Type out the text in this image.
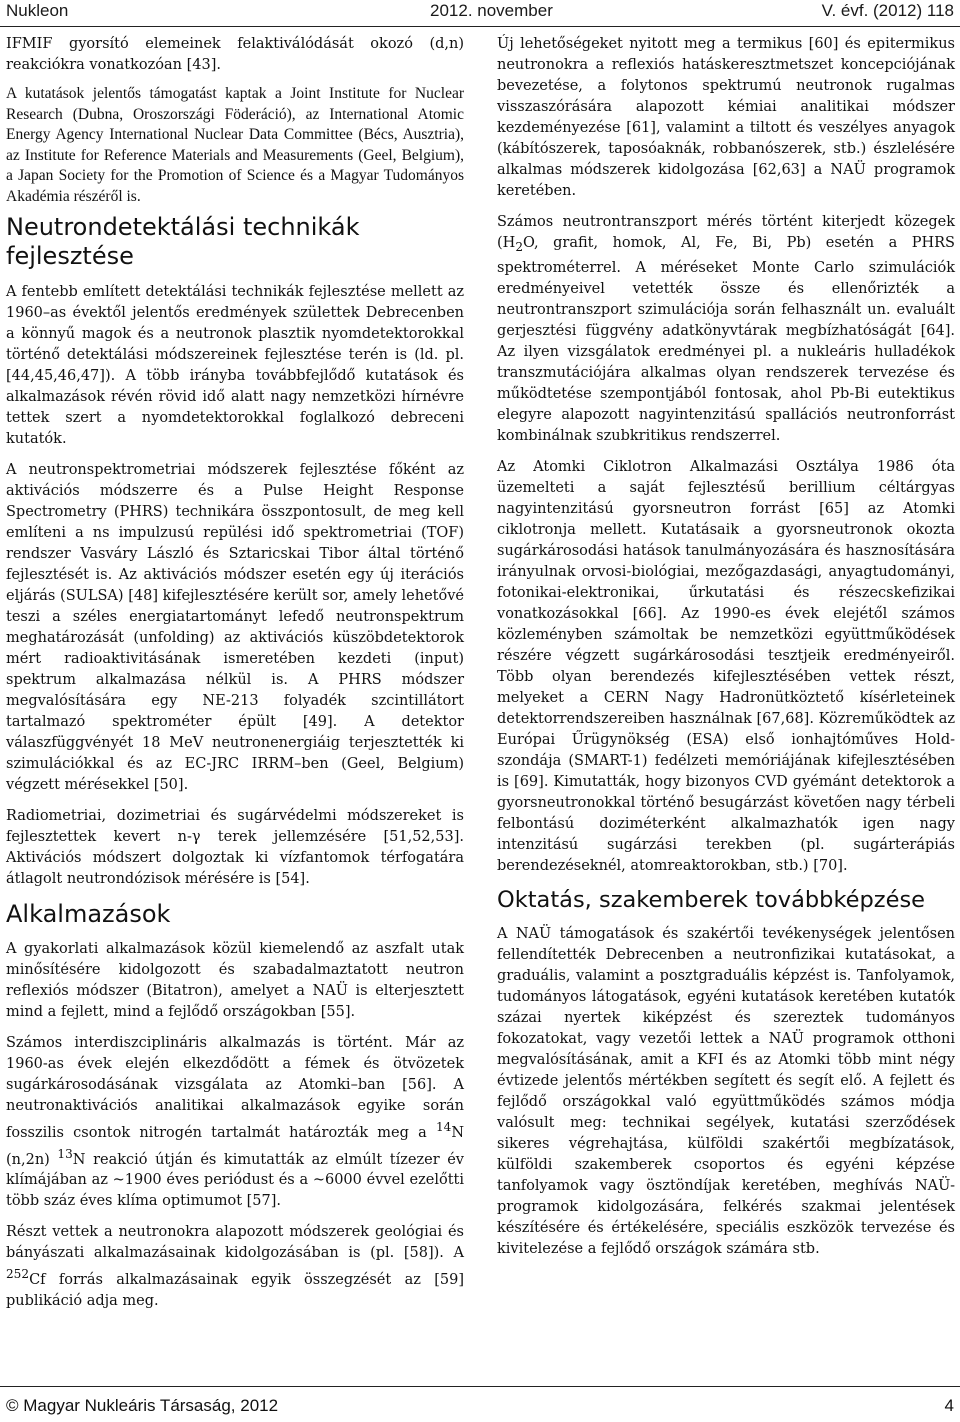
Nukleon	2012. november	V. évf. (2012) 118

IFMIF gyorsító elemeinek felaktiválódását okozó (d,n) reakciókra vonatkozóan [43].

A kutatások jelentős támogatást kaptak a Joint Institute for Nuclear Research (Dubna, Oroszországi Föderáció), az International Atomic Energy Agency International Nuclear Data Committee (Bécs, Ausztria), az Institute for Reference Materials and Measurements (Geel, Belgium), a Japan Society for the Promotion of Science és a Magyar Tudományos Akadémia részéről is.

Neutrondetektálási technikák fejlesztése

A fentebb említett detektálási technikák fejlesztése mellett az 1960–as évektől jelentős eredmények születtek Debrecenben a könnyű magok és a neutronok plasztik nyomdetektorokkal történő detektálási módszereinek fejlesztése terén is (ld. pl. [44,45,46,47]). A több irányba továbbfejlődő kutatások és alkalmazások révén rövid idő alatt nagy nemzetközi hírnévre tettek szert a nyomdetektorokkal foglalkozó debreceni kutatók.

A neutronspektrometriai módszerek fejlesztése főként az aktivációs módszerre és a Pulse Height Response Spectrometry (PHRS) technikára összpontosult, de meg kell említeni a ns impulzusú repülési idő spektrometriai (TOF) rendszer Vasváry László és Sztaricskai Tibor által történő fejlesztését is. Az aktivációs módszer esetén egy új iterációs eljárás (SULSA) [48] kifejlesztésére került sor, amely lehetővé teszi a széles energiatartományt lefedő neutronspektrum meghatározását (unfolding) az aktivációs küszöbdetektorok mért radioaktivitásának ismeretében kezdeti (input) spektrum alkalmazása nélkül is. A PHRS módszer megvalósítására egy NE-213 folyadék szcintillátort tartalmazó spektrométer épült [49]. A detektor válaszfüggvényét 18 MeV neutronenergiáig terjesztették ki szimulációkkal és az EC-JRC IRRM–ben (Geel, Belgium) végzett mérésekkel [50].

Radiometriai, dozimetriai és sugárvédelmi módszereket is fejlesztettek kevert n-γ terek jellemzésére [51,52,53]. Aktivációs módszert dolgoztak ki vízfantomok térfogatára átlagolt neutrondózisok mérésére is [54].

Alkalmazások

A gyakorlati alkalmazások közül kiemelendő az aszfalt utak minősítésére kidolgozott és szabadalmaztatott neutron reflexiós módszer (Bitatron), amelyet a NAÜ is elterjesztett mind a fejlett, mind a fejlődő országokban [55].

Számos interdiszciplináris alkalmazás is történt. Már az 1960-as évek elején elkezdődött a fémek és ötvözetek sugárkárosodásának vizsgálata az Atomki–ban [56]. A neutronaktivációs analitikai alkalmazások egyike során fosszilis csontok nitrogén tartalmát határozták meg a $^{14}$N (n,2n) $^{13}$N reakció útján és kimutatták az elmúlt tízezer év klímájában az ~1900 éves periódust és a ~6000 évvel ezelőtti több száz éves klíma optimumot [57].

Részt vettek a neutronokra alapozott módszerek geológiai és bányászati alkalmazásainak kidolgozásában is (pl. [58]). A $^{252}$Cf forrás alkalmazásainak egyik összegzését az [59] publikáció adja meg.

Új lehetőségeket nyitott meg a termikus [60] és epitermikus neutronokra a reflexiós hatáskeresztmetszet koncepciójának bevezetése, a folytonos spektrumú neutronok rugalmas visszaszórására alapozott kémiai analitikai módszer kezdeményezése [61], valamint a tiltott és veszélyes anyagok (kábítószerek, taposóaknák, robbanószerek, stb.) észlelésére alkalmas módszerek kidolgozása [62,63] a NAÜ programok keretében.

Számos neutrontranszport mérés történt kiterjedt közegek ($H_2O$, grafit, homok, Al, Fe, Bi, Pb) esetén a PHRS spektrométerrel. A méréseket Monte Carlo szimulációk eredményeivel vetették össze és ellenőrizték a neutrontranszport szimulációja során felhasznált un. evaluált gerjesztési függvény adatkönyvtárak megbízhatóságát [64]. Az ilyen vizsgálatok eredményei pl. a nukleáris hulladékok transzmutációjára alkalmas olyan rendszerek tervezése és működtetése szempontjából fontosak, ahol Pb-Bi eutektikus elegyre alapozott nagyintenzitású spallációs neutronforrást kombinálnak szubkritikus rendszerrel.

Az Atomki Ciklotron Alkalmazási Osztálya 1986 óta üzemelteti a saját fejlesztésű berillium céltárgyas nagyintenzitású gyorsneutron forrást [65] az Atomki ciklotronja mellett. Kutatásaik a gyorsneutronok okozta sugárkárosodási hatások tanulmányozására és hasznosítására irányulnak orvosi-biológiai, mezőgazdasági, anyagtudományi, fotonikai-elektronikai, űrkutatási és részecskefizikai vonatkozásokkal [66]. Az 1990-es évek elejétől számos közleményben számoltak be nemzetközi együttműködések részére végzett sugárkárosodási tesztjeik eredményeiről. Több olyan berendezés kifejlesztésében vettek részt, melyeket a CERN Nagy Hadronütköztető kísérleteinek detektorrendszereiben használnak [67,68]. Közreműködtek az Európai Űrügynökség (ESA) első ionhajtóműves Hold-szondája (SMART-1) fedélzeti memóriájának kifejlesztésében is [69]. Kimutatták, hogy bizonyos CVD gyémánt detektorok a gyorsneutronokkal történő besugárzást követően nagy térbeli felbontású doziméterként alkalmazhatók igen nagy intenzitású sugárzási terekben (pl. sugárterápiás berendezéseknél, atomreaktorokban, stb.) [70].

Oktatás, szakemberek továbbképzése

A NAÜ támogatások és szakértői tevékenységek jelentősen fellendítették Debrecenben a neutronfizikai kutatásokat, a graduális, valamint a posztgraduális képzést is. Tanfolyamok, tudományos látogatások, egyéni kutatások keretében kutatók százai nyertek kiképzést és szereztek tudományos fokozatokat, vagy vezetői lettek a NAÜ programok otthoni megvalósításának, amit a KFI és az Atomki több mint négy évtizede jelentős mértékben segített és segít elő. A fejlett és fejlődő országokkal való együttműködés számos módja valósult meg: technikai segélyek, kutatási szerződések sikeres végrehajtása, külföldi szakértői megbízatások, külföldi szakemberek csoportos és egyéni képzése tanfolyamok vagy ösztöndíjak keretében, meghívás NAÜ-programok kidolgozására, felkérés szakmai jelentések készítésére és értékelésére, speciális eszközök tervezése és kivitelezése a fejlődő országok számára stb.

© Magyar Nukleáris Társaság, 2012	4
